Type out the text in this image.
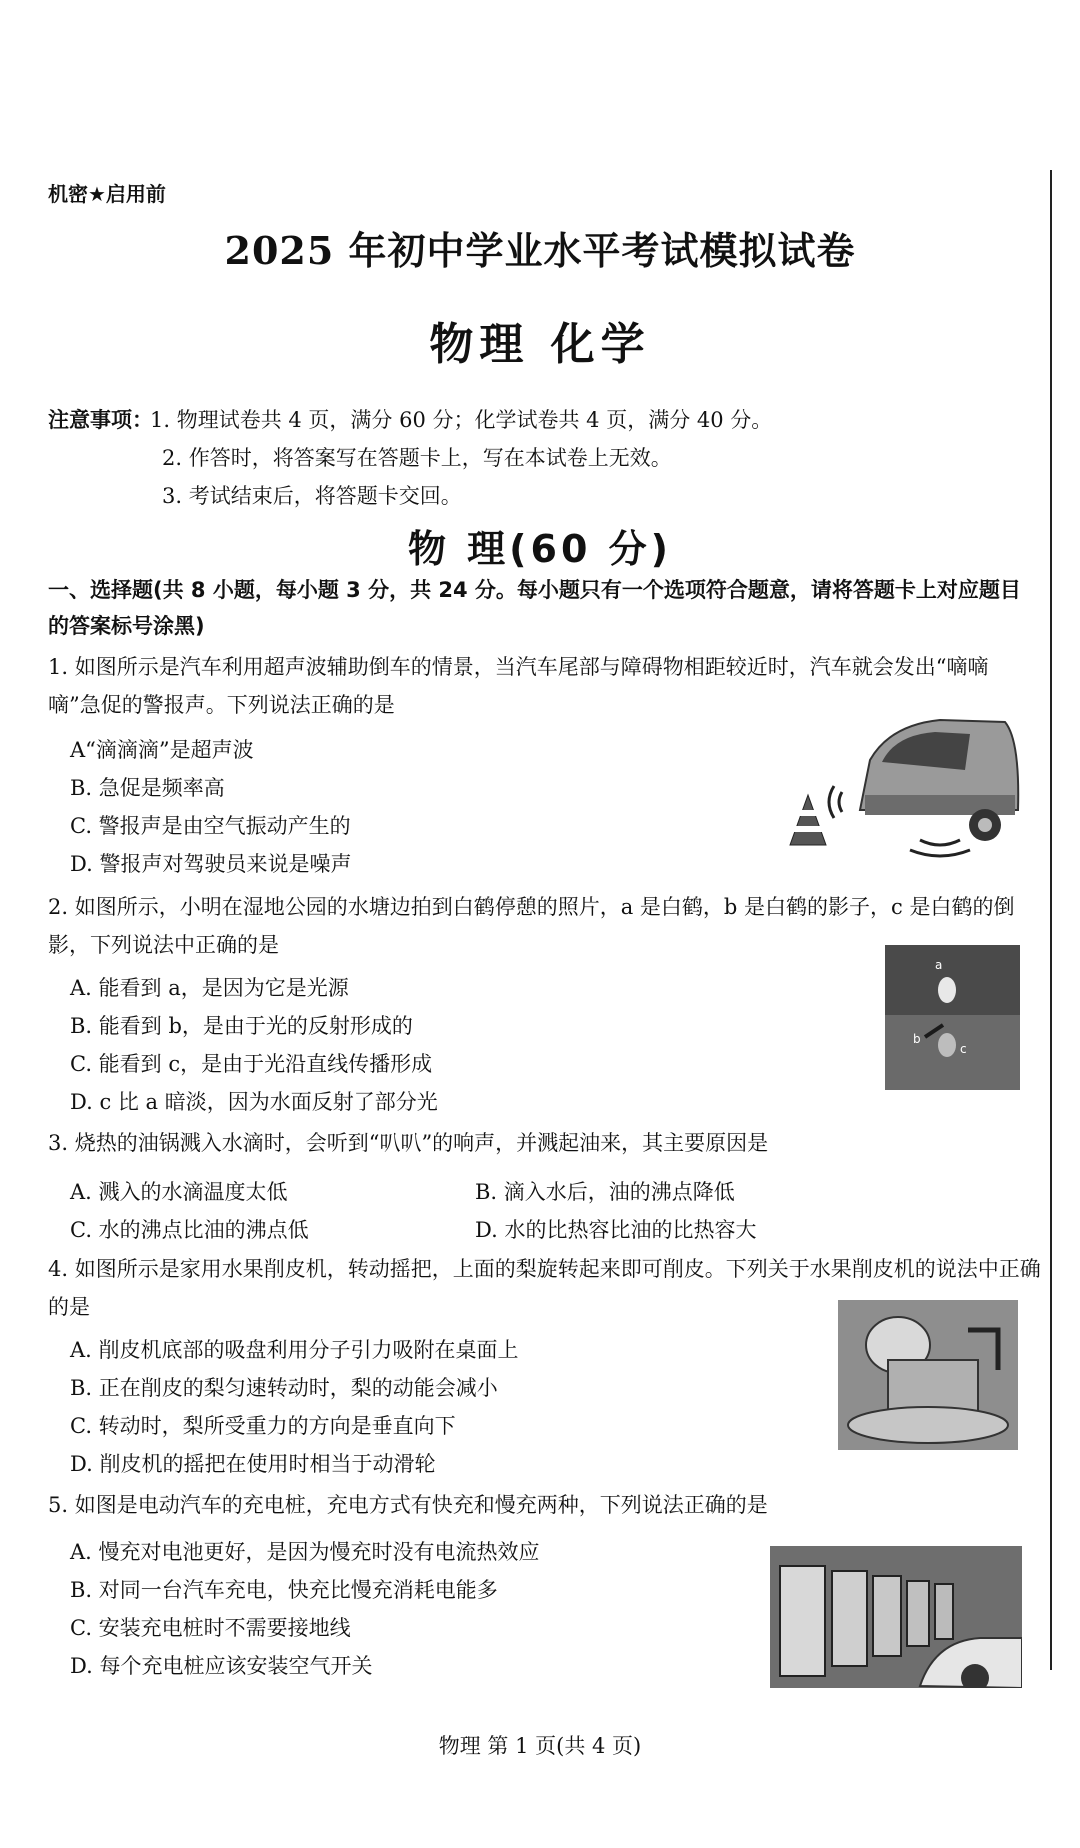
机密★启用前
2025 年初中学业水平考试模拟试卷
物理 化学
注意事项：
1. 物理试卷共 4 页，满分 60 分；化学试卷共 4 页，满分 40 分。
2. 作答时，将答案写在答题卡上，写在本试卷上无效。
3. 考试结束后，将答题卡交回。
物 理(60 分)
一、选择题(共 8 小题，每小题 3 分，共 24 分。每小题只有一个选项符合题意，请将答题卡上对应题目的答案标号涂黑)
1. 如图所示是汽车利用超声波辅助倒车的情景，当汽车尾部与障碍物相距较近时，汽车就会发出“嘀嘀嘀”急促的警报声。下列说法正确的是
A“滴滴滴”是超声波
B. 急促是频率高
C. 警报声是由空气振动产生的
D. 警报声对驾驶员来说是噪声
2. 如图所示，小明在湿地公园的水塘边拍到白鹤停憩的照片，a 是白鹤，b 是白鹤的影子，c 是白鹤的倒影，下列说法中正确的是
A. 能看到 a，是因为它是光源
B. 能看到 b，是由于光的反射形成的
C. 能看到 c，是由于光沿直线传播形成
D. c 比 a 暗淡，因为水面反射了部分光
a
b
c
3. 烧热的油锅溅入水滴时，会听到“叭叭”的响声，并溅起油来，其主要原因是
A. 溅入的水滴温度太低	B. 滴入水后，油的沸点降低
C. 水的沸点比油的沸点低	D. 水的比热容比油的比热容大
4. 如图所示是家用水果削皮机，转动摇把，上面的梨旋转起来即可削皮。下列关于水果削皮机的说法中正确的是
A. 削皮机底部的吸盘利用分子引力吸附在桌面上
B. 正在削皮的梨匀速转动时，梨的动能会减小
C. 转动时，梨所受重力的方向是垂直向下
D. 削皮机的摇把在使用时相当于动滑轮
5. 如图是电动汽车的充电桩，充电方式有快充和慢充两种，下列说法正确的是
A. 慢充对电池更好，是因为慢充时没有电流热效应
B. 对同一台汽车充电，快充比慢充消耗电能多
C. 安装充电桩时不需要接地线
D. 每个充电桩应该安装空气开关
物理 第 1 页(共 4 页)
